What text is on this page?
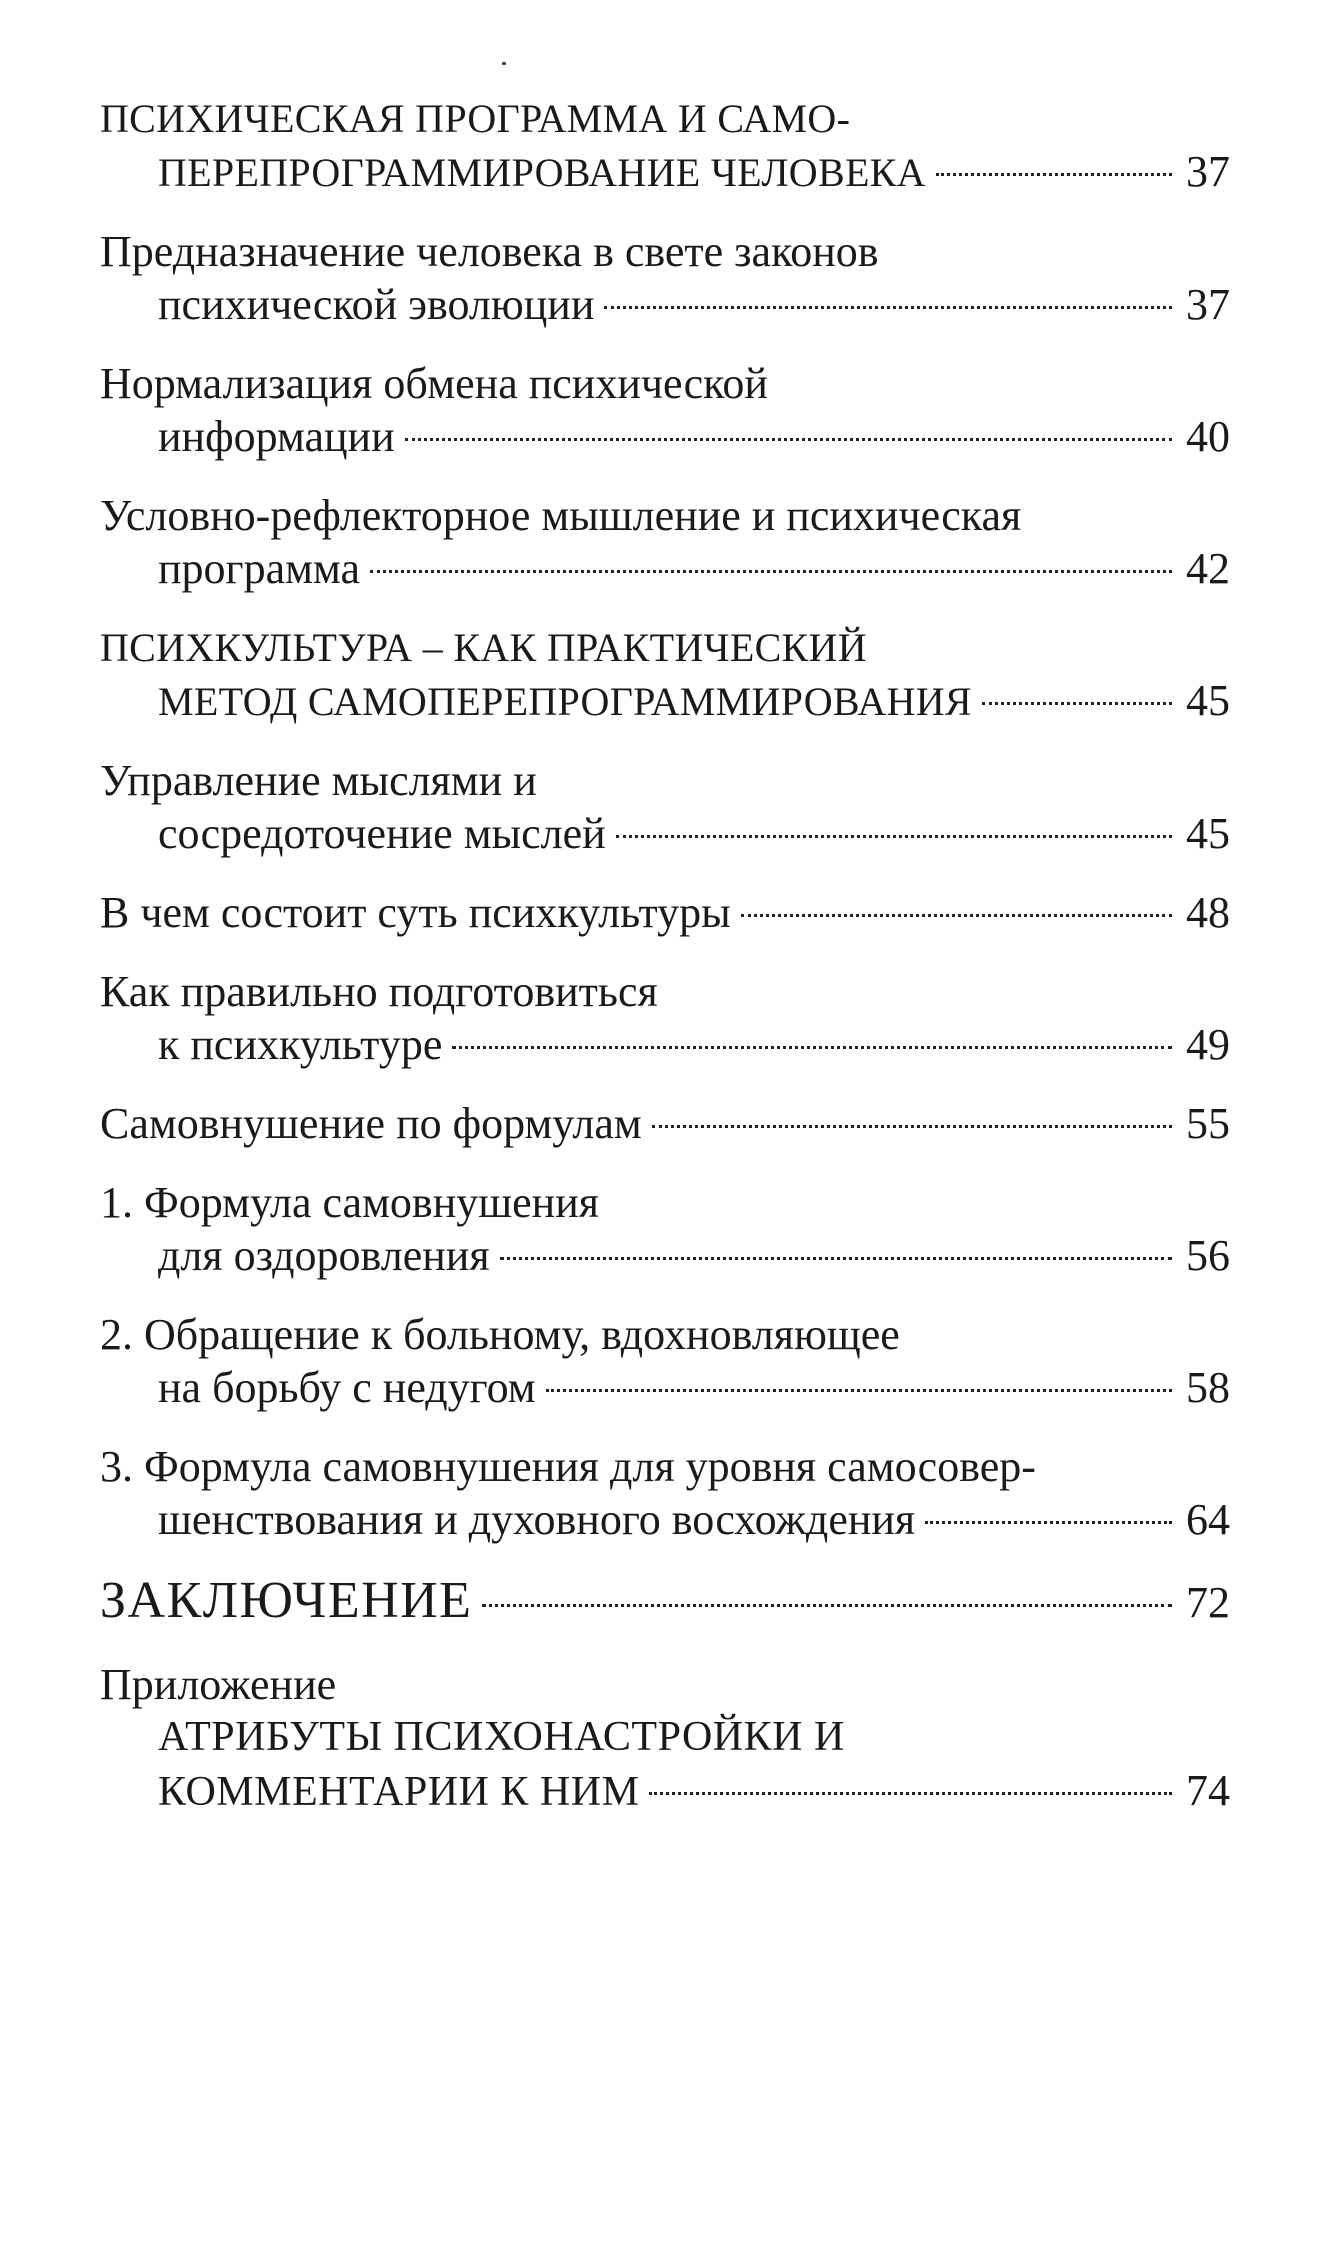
ПСИХИЧЕСКАЯ ПРОГРАММА И САМО-
ПЕРЕПРОГРАММИРОВАНИЕ ЧЕЛОВЕКА	37
Предназначение человека в свете законов
психической эволюции	37
Нормализация обмена психической
информации	40
Условно-рефлекторное мышление и психическая
программа	42
ПСИХКУЛЬТУРА – КАК ПРАКТИЧЕСКИЙ
МЕТОД САМОПЕРЕПРОГРАММИРОВАНИЯ	45
Управление мыслями и
сосредоточение мыслей	45
В чем состоит суть психкультуры	48
Как правильно подготовиться
к психкультуре	49
Самовнушение по формулам	55
1. Формула самовнушения
для оздоровления	56
2. Обращение к больному, вдохновляющее
на борьбу с недугом	58
3. Формула самовнушения для уровня самосовер-
шенствования и духовного восхождения	64
ЗАКЛЮЧЕНИЕ	72
Приложение
АТРИБУТЫ ПСИХОНАСТРОЙКИ И
КОММЕНТАРИИ К НИМ	74
